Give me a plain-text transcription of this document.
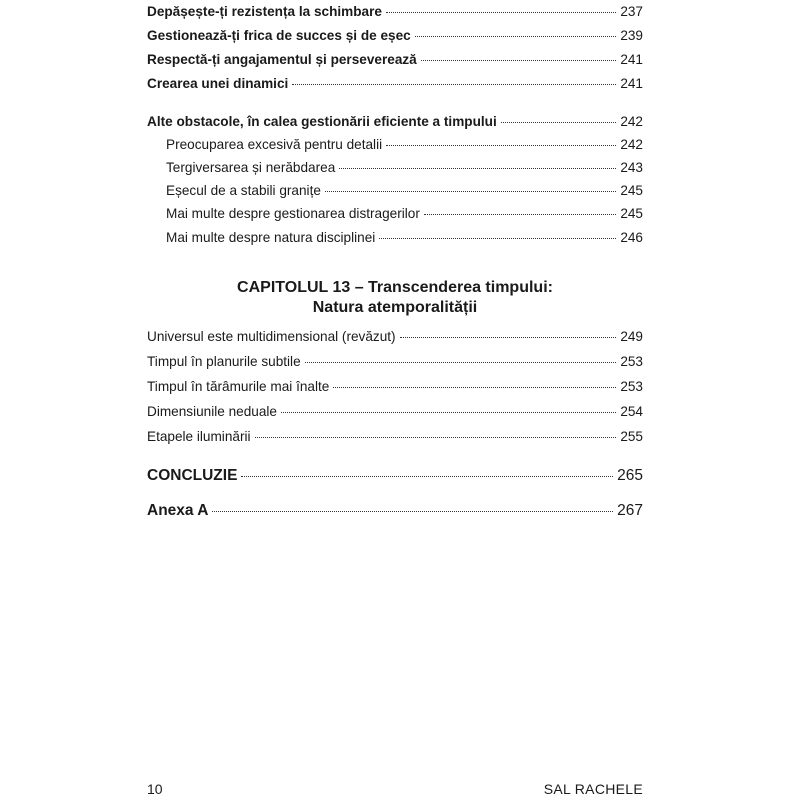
Depășește-ți rezistența la schimbare	237
Gestionează-ți frica de succes și de eșec	239
Respectă-ți angajamentul și perseverează	241
Crearea unei dinamici	241
Alte obstacole, în calea gestionării eficiente a timpului	242
Preocuparea excesivă pentru detalii	242
Tergiversarea și nerăbdarea	243
Eșecul de a stabili granițe	245
Mai multe despre gestionarea distragerilor	245
Mai multe despre natura disciplinei	246
CAPITOLUL 13 – Transcenderea timpului:
Natura atemporalității
Universul este multidimensional (revăzut)	249
Timpul în planurile subtile	253
Timpul în tărâmurile mai înalte	253
Dimensiunile neduale	254
Etapele iluminării	255
CONCLUZIE	265
Anexa A	267
10	SAL RACHELE
